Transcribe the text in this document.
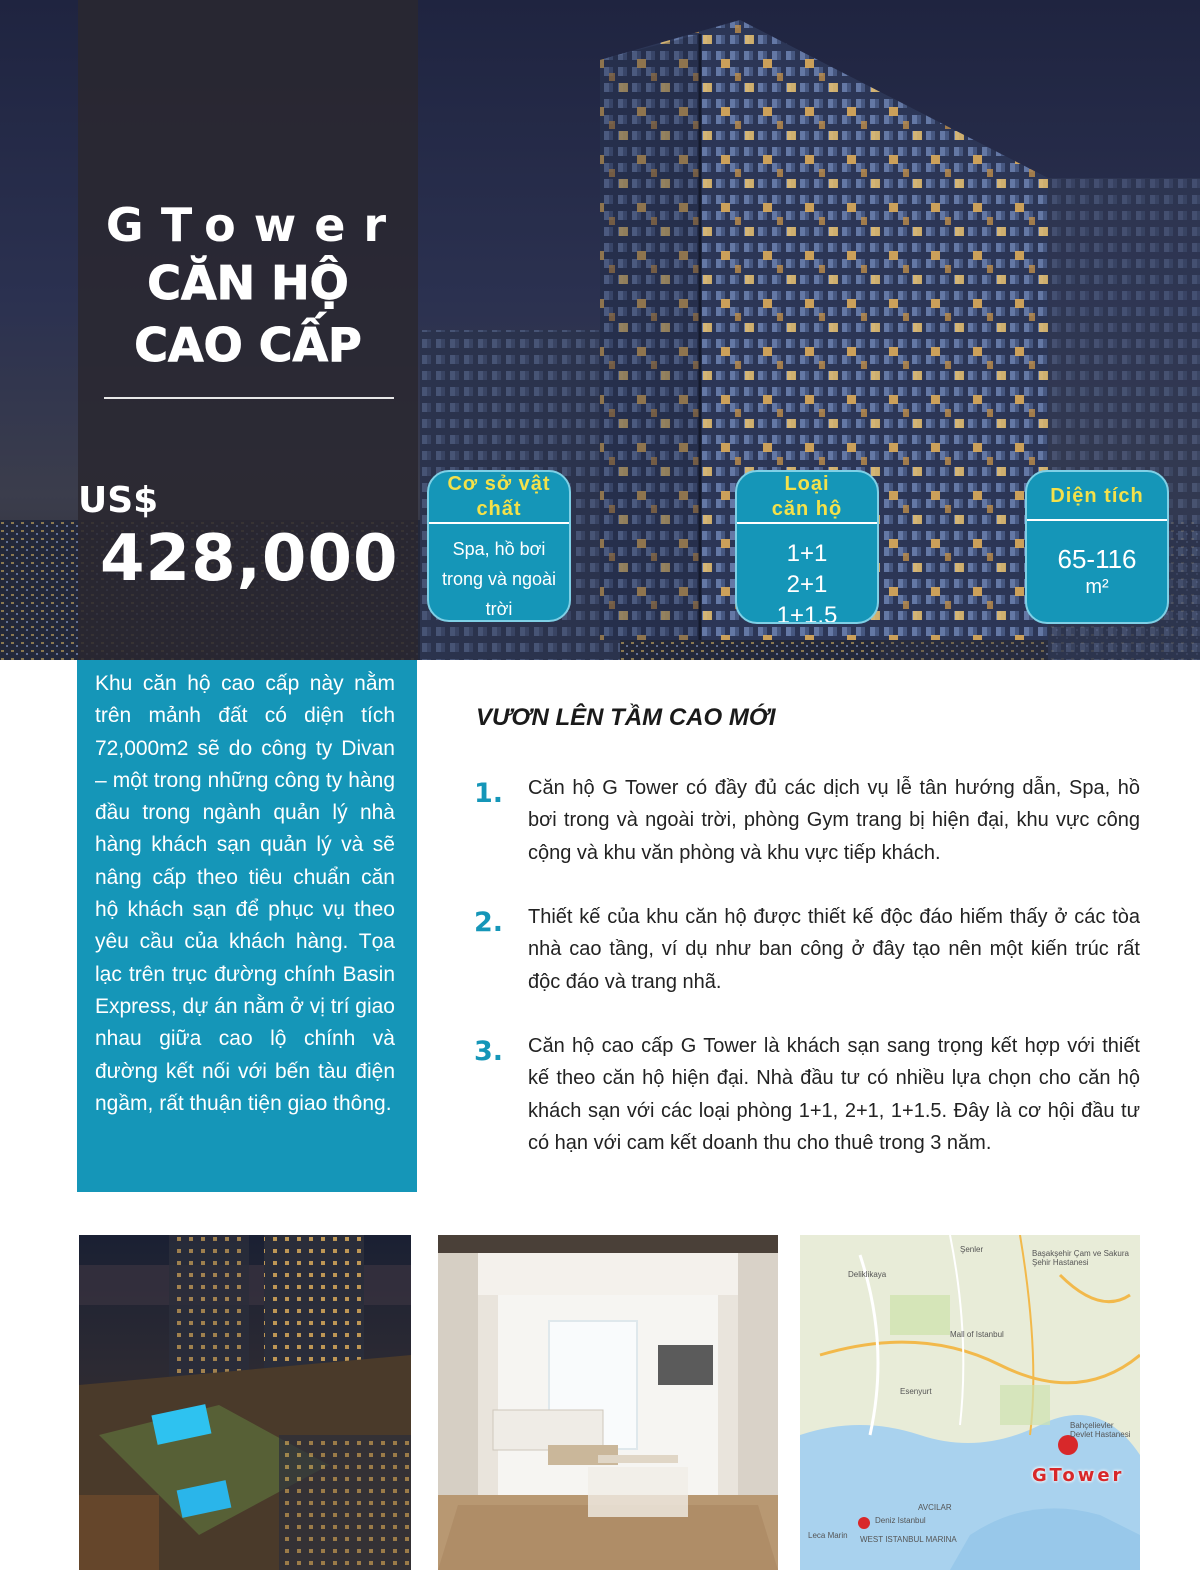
GTower
CĂN HỘ
CAO CẤP
US$
428,000
Cơ sở vật
chất
Spa, hồ bơi
trong và ngoài
trời
Loại
căn hộ
1+1
2+1
1+1.5
Diện tích
65-116
m²

Khu căn hộ cao cấp này nằm trên mảnh đất có diện tích 72,000m2 sẽ do công ty Divan – một trong những công ty hàng đầu trong ngành quản lý nhà hàng khách sạn quản lý và sẽ nâng cấp theo tiêu chuẩn căn hộ khách sạn để phục vụ theo yêu cầu của khách hàng. Tọa lạc trên trục đường chính Basin Express, dự án nằm ở vị trí giao nhau giữa cao lộ chính và đường kết nối với bến tàu điện ngầm, rất thuận tiện giao thông.

VƯƠN LÊN TẦM CAO MỚI
1.	Căn hộ G Tower có đầy đủ các dịch vụ lễ tân hướng dẫn, Spa, hồ bơi trong và ngoài trời, phòng Gym trang bị hiện đại, khu vực công cộng và khu văn phòng và khu vực tiếp khách.

2.	Thiết kế của khu căn hộ được thiết kế độc đáo hiếm thấy ở các tòa nhà cao tầng, ví dụ như ban công ở đây tạo nên một kiến trúc rất độc đáo và trang nhã.

3.	Căn hộ cao cấp G Tower là khách sạn sang trọng kết hợp với thiết kế theo căn hộ hiện đại. Nhà đầu tư có nhiều lựa chọn cho căn hộ khách sạn với các loại phòng 1+1, 2+1, 1+1.5. Đây là cơ hội đầu tư có hạn với cam kết doanh thu cho thuê trong 3 năm.

Şenler	Başakşehir Çam ve Sakura Şehir Hastanesi
Deliklikaya
Mall of Istanbul
Bahçelievler Devlet Hastanesi
Esenyurt
Deniz Istanbul
AVCILAR
WEST ISTANBUL MARINA
Leca Marin
GTower
